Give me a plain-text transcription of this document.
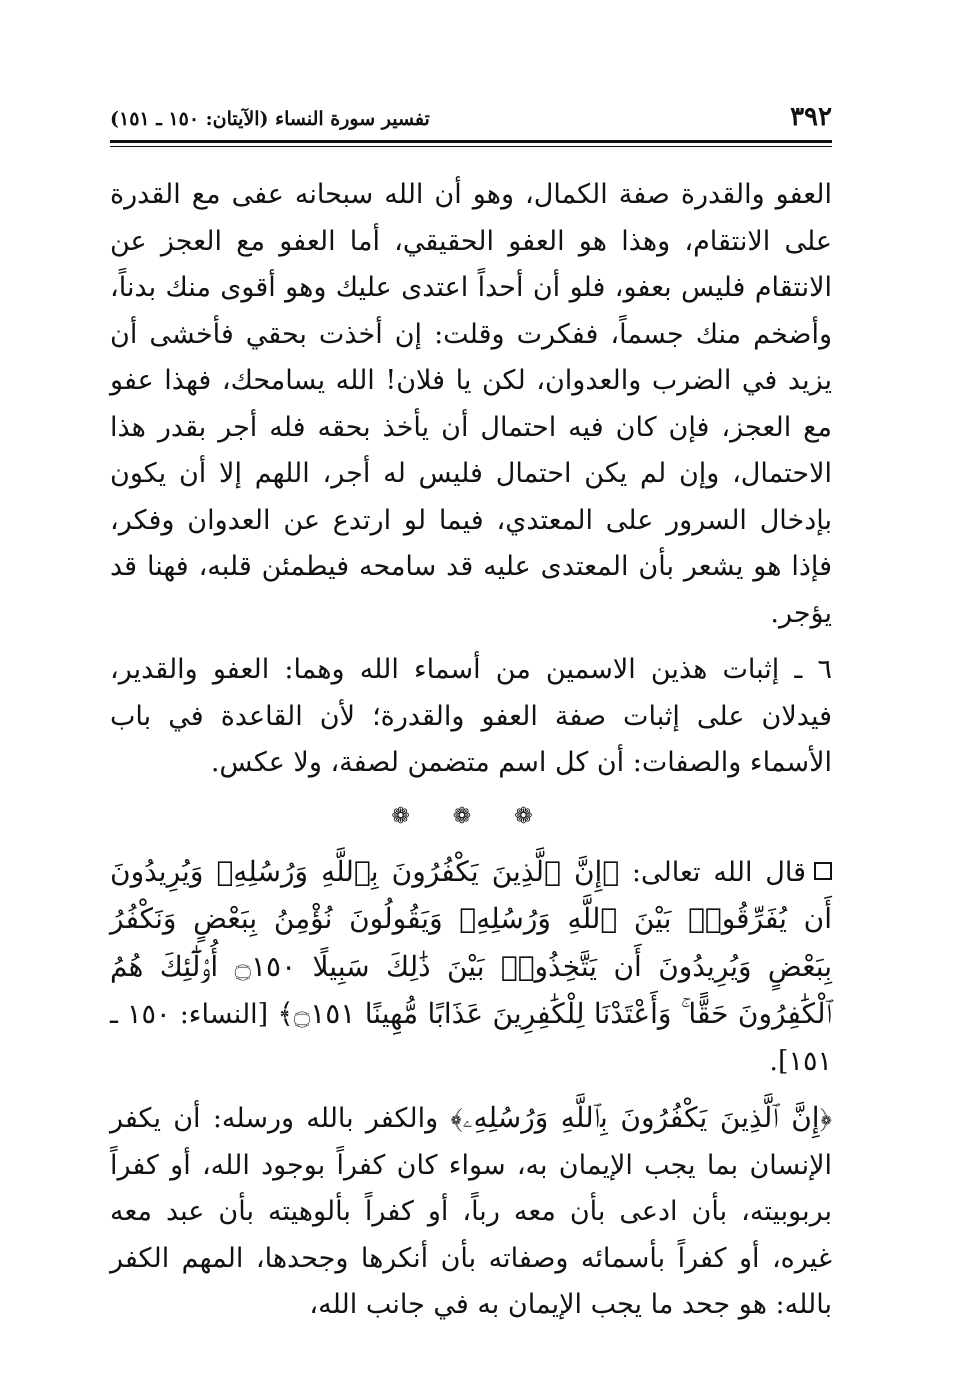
٣٩٢
تفسير سورة النساء (الآيتان: ١٥٠ ـ ١٥١)

العفو والقدرة صفة الكمال، وهو أن الله سبحانه عفى مع القدرة على الانتقام، وهذا هو العفو الحقيقي، أما العفو مع العجز عن الانتقام فليس بعفو، فلو أن أحداً اعتدى عليك وهو أقوى منك بدناً، وأضخم منك جسماً، ففكرت وقلت: إن أخذت بحقي فأخشى أن يزيد في الضرب والعدوان، لكن يا فلان! الله يسامحك، فهذا عفو مع العجز، فإن كان فيه احتمال أن يأخذ بحقه فله أجر بقدر هذا الاحتمال، وإن لم يكن احتمال فليس له أجر، اللهم إلا أن يكون بإدخال السرور على المعتدي، فيما لو ارتدع عن العدوان وفكر، فإذا هو يشعر بأن المعتدى عليه قد سامحه فيطمئن قلبه، فهنا قد يؤجر.

٦ ـ إثبات هذين الاسمين من أسماء الله وهما: العفو والقدير، فيدلان على إثبات صفة العفو والقدرة؛ لأن القاعدة في باب الأسماء والصفات: أن كل اسم متضمن لصفة، ولا عكس.

❁ ❁ ❁

قال الله تعالى: ﴿إِنَّ ٱلَّذِينَ يَكْفُرُونَ بِٱللَّهِ وَرُسُلِهِۦ وَيُرِيدُونَ أَن يُفَرِّقُوا۟ بَيْنَ ٱللَّهِ وَرُسُلِهِۦ وَيَقُولُونَ نُؤْمِنُ بِبَعْضٍ وَنَكْفُرُ بِبَعْضٍ وَيُرِيدُونَ أَن يَتَّخِذُوا۟ بَيْنَ ذَٰلِكَ سَبِيلًا ۝١٥٠ أُو۟لَٰٓئِكَ هُمُ ٱلْكَٰفِرُونَ حَقًّا ۚ وَأَعْتَدْنَا لِلْكَٰفِرِينَ عَذَابًا مُّهِينًا ۝١٥١﴾ [النساء: ١٥٠ ـ ١٥١].

﴿إِنَّ ٱلَّذِينَ يَكْفُرُونَ بِٱللَّهِ وَرُسُلِهِۦ﴾ والكفر بالله ورسله: أن يكفر الإنسان بما يجب الإيمان به، سواء كان كفراً بوجود الله، أو كفراً بربوبيته، بأن ادعى بأن معه رباً، أو كفراً بألوهيته بأن عبد معه غيره، أو كفراً بأسمائه وصفاته بأن أنكرها وجحدها، المهم الكفر بالله: هو جحد ما يجب الإيمان به في جانب الله،
